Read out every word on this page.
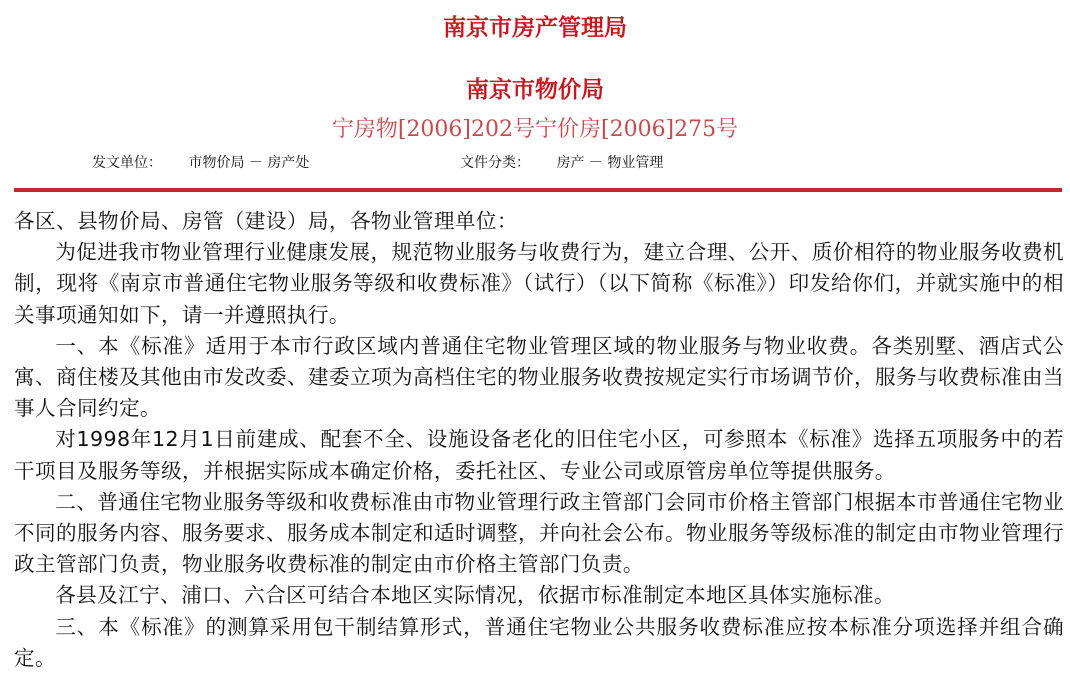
南京市房产管理局
南京市物价局
宁房物[2006]202号宁价房[2006]275号
发文单位： 市物价局 － 房产处	文件分类： 房产 － 物业管理

各区、县物价局、房管（建设）局，各物业管理单位：

为促进我市物业管理行业健康发展，规范物业服务与收费行为，建立合理、公开、质价相符的物业服务收费机制，现将《南京市普通住宅物业服务等级和收费标准》（试行）（以下简称《标准》）印发给你们，并就实施中的相关事项通知如下，请一并遵照执行。

一、本《标准》适用于本市行政区域内普通住宅物业管理区域的物业服务与物业收费。各类别墅、酒店式公寓、商住楼及其他由市发改委、建委立项为高档住宅的物业服务收费按规定实行市场调节价，服务与收费标准由当事人合同约定。

对1998年12月1日前建成、配套不全、设施设备老化的旧住宅小区，可参照本《标准》选择五项服务中的若干项目及服务等级，并根据实际成本确定价格，委托社区、专业公司或原管房单位等提供服务。

二、普通住宅物业服务等级和收费标准由市物业管理行政主管部门会同市价格主管部门根据本市普通住宅物业不同的服务内容、服务要求、服务成本制定和适时调整，并向社会公布。物业服务等级标准的制定由市物业管理行政主管部门负责，物业服务收费标准的制定由市价格主管部门负责。

各县及江宁、浦口、六合区可结合本地区实际情况，依据市标准制定本地区具体实施标准。

三、本《标准》的测算采用包干制结算形式，普通住宅物业公共服务收费标准应按本标准分项选择并组合确定。
